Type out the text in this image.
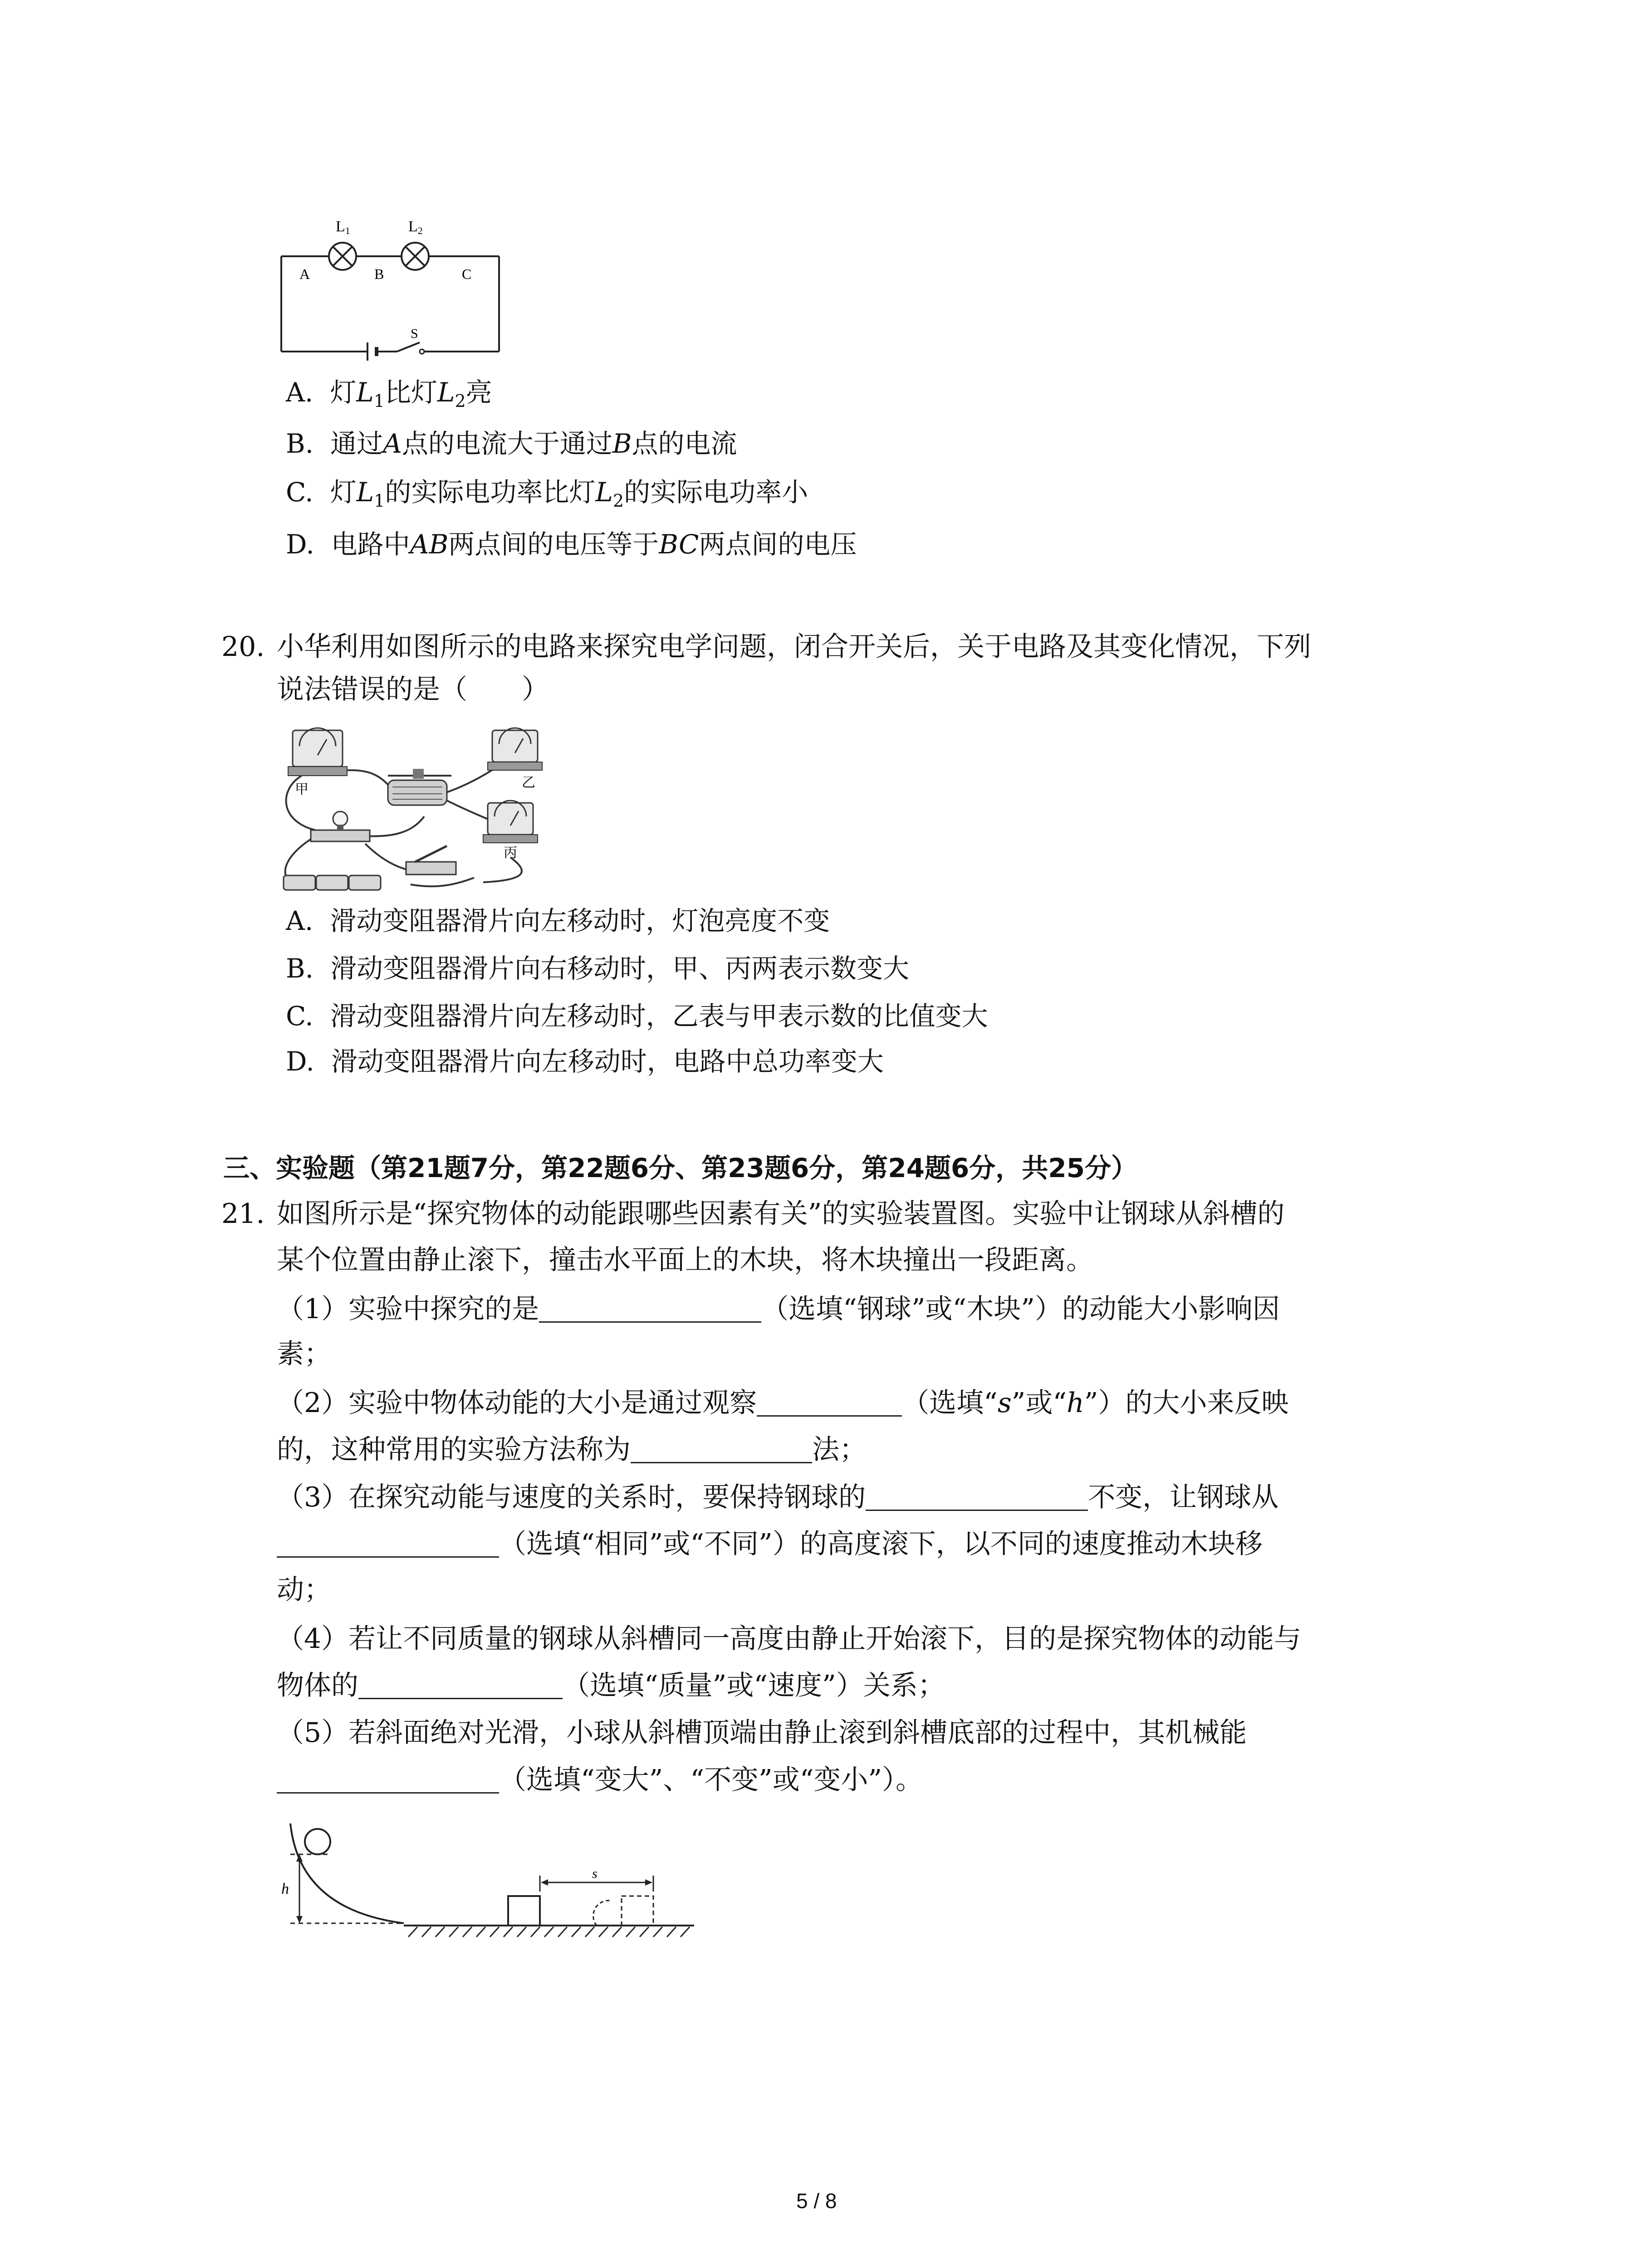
L1	L2
A	B	C
S
A. 灯$L_1$比灯$L_2$亮
B. 通过A点的电流大于通过B点的电流
C. 灯$L_1$的实际电功率比灯$L_2$的实际电功率小
D. 电路中AB两点间的电压等于BC两点间的电压
20. 小华利用如图所示的电路来探究电学问题，闭合开关后，关于电路及其变化情况，下列
说法错误的是（　　）
甲	乙
丙
A. 滑动变阻器滑片向左移动时，灯泡亮度不变
B. 滑动变阻器滑片向右移动时，甲、丙两表示数变大
C. 滑动变阻器滑片向左移动时，乙表与甲表示数的比值变大
D. 滑动变阻器滑片向左移动时，电路中总功率变大
三、实验题（第21题7分，第22题6分、第23题6分，第24题6分，共25分）
21. 如图所示是“探究物体的动能跟哪些因素有关”的实验装置图。实验中让钢球从斜槽的
某个位置由静止滚下，撞击水平面上的木块，将木块撞出一段距离。
（1）实验中探究的是	（选填“钢球”或“木块”）的动能大小影响因
素；
（2）实验中物体动能的大小是通过观察	（选填“s”或“h”）的大小来反映
的，这种常用的实验方法称为	法；
（3）在探究动能与速度的关系时，要保持钢球的	不变，让钢球从
（选填“相同”或“不同”）的高度滚下，以不同的速度推动木块移
动；
（4）若让不同质量的钢球从斜槽同一高度由静止开始滚下，目的是探究物体的动能与
物体的	（选填“质量”或“速度”）关系；
（5）若斜面绝对光滑，小球从斜槽顶端由静止滚到斜槽底部的过程中，其机械能
（选填“变大”、“不变”或“变小”）。
h
s
5 / 8
